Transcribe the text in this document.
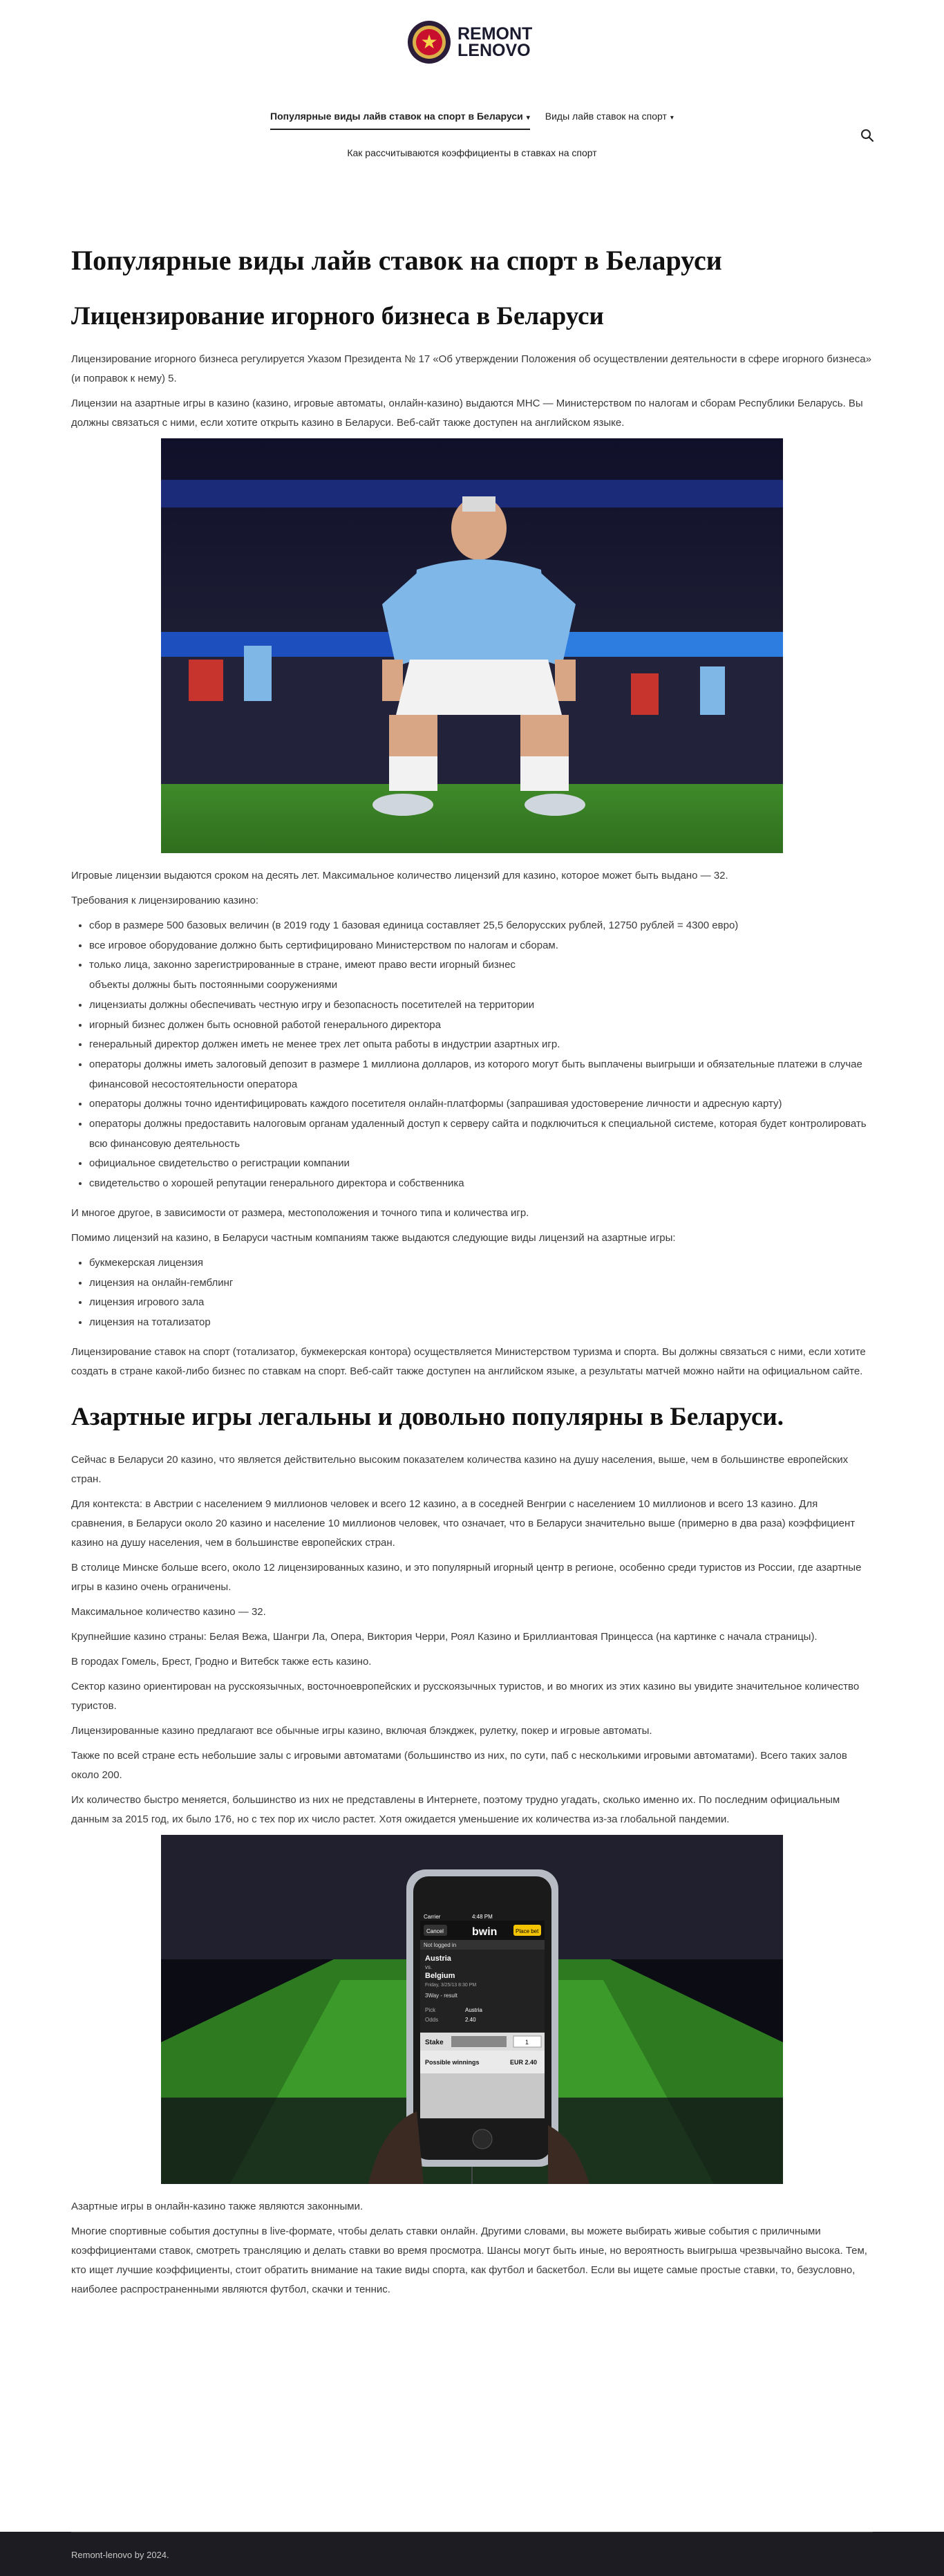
★ REMONT
LENOVO
Популярные виды лайв ставок на спорт в Беларуси ▾ Виды лайв ставок на спорт ▾
Как рассчитываются коэффициенты в ставках на спорт
Популярные виды лайв ставок на спорт в Беларуси
Лицензирование игорного бизнеса в Беларуси

Лицензирование игорного бизнеса регулируется Указом Президента № 17 «Об утверждении Положения об осуществлении деятельности в сфере игорного бизнеса» (и поправок к нему) 5.

Лицензии на азартные игры в казино (казино, игровые автоматы, онлайн-казино) выдаются МНС — Министерством по налогам и сборам Республики Беларусь. Вы должны связаться с ними, если хотите открыть казино в Беларуси. Веб-сайт также доступен на английском языке.

Игровые лицензии выдаются сроком на десять лет. Максимальное количество лицензий для казино, которое может быть выдано — 32.

Требования к лицензированию казино:

• сбор в размере 500 базовых величин (в 2019 году 1 базовая единица составляет 25,5 белорусских рублей, 12750 рублей = 4300 евро)
• все игровое оборудование должно быть сертифицировано Министерством по налогам и сборам.
• только лица, законно зарегистрированные в стране, имеют право вести игорный бизнес
объекты должны быть постоянными сооружениями
• лицензиаты должны обеспечивать честную игру и безопасность посетителей на территории
• игорный бизнес должен быть основной работой генерального директора
• генеральный директор должен иметь не менее трех лет опыта работы в индустрии азартных игр.
• операторы должны иметь залоговый депозит в размере 1 миллиона долларов, из которого могут быть выплачены выигрыши и обязательные платежи в случае финансовой несостоятельности оператора
• операторы должны точно идентифицировать каждого посетителя онлайн-платформы (запрашивая удостоверение личности и адресную карту)
• операторы должны предоставить налоговым органам удаленный доступ к серверу сайта и подключиться к специальной системе, которая будет контролировать всю финансовую деятельность
• официальное свидетельство о регистрации компании
• свидетельство о хорошей репутации генерального директора и собственника

И многое другое, в зависимости от размера, местоположения и точного типа и количества игр.

Помимо лицензий на казино, в Беларуси частным компаниям также выдаются следующие виды лицензий на азартные игры:

• букмекерская лицензия
• лицензия на онлайн-гемблинг
• лицензия игрового зала
• лицензия на тотализатор

Лицензирование ставок на спорт (тотализатор, букмекерская контора) осуществляется Министерством туризма и спорта. Вы должны связаться с ними, если хотите создать в стране какой-либо бизнес по ставкам на спорт. Веб-сайт также доступен на английском языке, а результаты матчей можно найти на официальном сайте.

Азартные игры легальны и довольно популярны в Беларуси.

Сейчас в Беларуси 20 казино, что является действительно высоким показателем количества казино на душу населения, выше, чем в большинстве европейских стран.

Для контекста: в Австрии с населением 9 миллионов человек и всего 12 казино, а в соседней Венгрии с населением 10 миллионов и всего 13 казино. Для сравнения, в Беларуси около 20 казино и население 10 миллионов человек, что означает, что в Беларуси значительно выше (примерно в два раза) коэффициент казино на душу населения, чем в большинстве европейских стран.

В столице Минске больше всего, около 12 лицензированных казино, и это популярный игорный центр в регионе, особенно среди туристов из России, где азартные игры в казино очень ограничены.

Максимальное количество казино — 32.

Крупнейшие казино страны: Белая Вежа, Шангри Ла, Опера, Виктория Черри, Роял Казино и Бриллиантовая Принцесса (на картинке с начала страницы).

В городах Гомель, Брест, Гродно и Витебск также есть казино.

Сектор казино ориентирован на русскоязычных, восточноевропейских и русскоязычных туристов, и во многих из этих казино вы увидите значительное количество туристов.

Лицензированные казино предлагают все обычные игры казино, включая блэкджек, рулетку, покер и игровые автоматы.

Также по всей стране есть небольшие залы с игровыми автоматами (большинство из них, по сути, паб с несколькими игровыми автоматами). Всего таких залов около 200.

Их количество быстро меняется, большинство из них не представлены в Интернете, поэтому трудно угадать, сколько именно их. По последним официальным данным за 2015 год, их было 176, но с тех пор их число растет. Хотя ожидается уменьшение их количества из-за глобальной пандемии.

Carrier	4:48 PM
Cancel	bwin	Place bet
Not logged in
Austria
vs.
Belgium
Friday, 3/25/13 8:30 PM
3Way - result
Pick	Austria
Odds	2.40
Stake	1
Possible winnings	EUR 2.40

Азартные игры в онлайн-казино также являются законными.

Многие спортивные события доступны в live-формате, чтобы делать ставки онлайн. Другими словами, вы можете выбирать живые события с приличными коэффициентами ставок, смотреть трансляцию и делать ставки во время просмотра. Шансы могут быть иные, но вероятность выигрыша чрезвычайно высока. Тем, кто ищет лучшие коэффициенты, стоит обратить внимание на такие виды спорта, как футбол и баскетбол. Если вы ищете самые простые ставки, то, безусловно, наиболее распространенными являются футбол, скачки и теннис.

Remont-lenovo by 2024.
